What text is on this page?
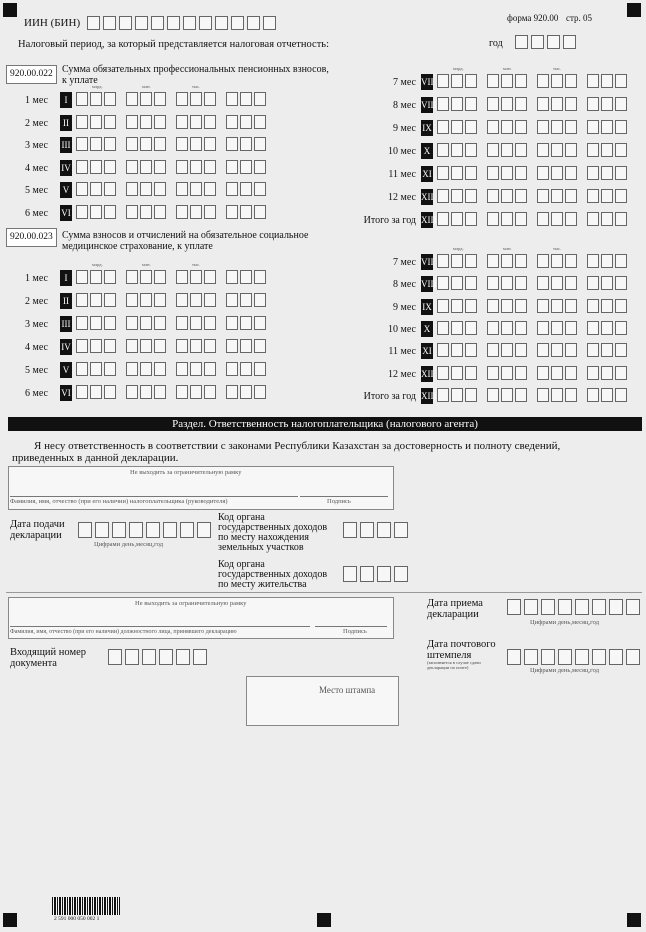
ИИН (БИН)	форма 920.00 стр. 05
Налоговый период, за который представляется налоговая отчетность:	год
920.00.022 Сумма обязательных профессиональных пенсионных взносов,
к уплате
млрд.	млн.	тыс.
1 мес	I
2 мес	II
3 мес III
4 мес IV
5 мес	V
6 мес VI
млрд.	млн.	тыс.
7 мес VII
8 мес VIII
9 мес IX
10 мес X
11 мес XI
12 мес XII
Итого за год XIII
920.00.023 Сумма взносов и отчислений на обязательное социальное
медицинское страхование, к уплате
млрд.	млн.	тыс.
1 мес	I
2 мес	II
3 мес III
4 мес IV
5 мес	V
6 мес VI
млрд.	млн.	тыс.
7 мес VII
8 мес VIII
9 мес IX
10 мес X
11 мес XI
12 мес XII
Итого за год XIII
Раздел. Ответственность налогоплательщика (налогового агента)
Я несу ответственность в соответствии с законами Республики Казахстан за достоверность и полноту сведений,
приведенных в данной декларации.
Не выходить за ограничительную рамку
Фамилия, имя, отчество (при его наличии) налогоплательщика (руководителя)	Подпись
Дата подачи
декларации
Цифрами день,месяц,год
Код органа
государственных доходов
по месту нахождения
земельных участков
Код органа
государственных доходов
по месту жительства
Не выходить за ограничительную рамку
Фамилия, имя, отчество (при его наличии) должностного лица, принявшего декларацию	Подпись
Дата приема
декларации
Цифрами день,месяц,год
Входящий номер
документа
Дата почтового
штемпеля
(заполняется в случае сдачи
декларации по почте)	Цифрами день,месяц,год
Место штампа
2 591 000 050 002 1
